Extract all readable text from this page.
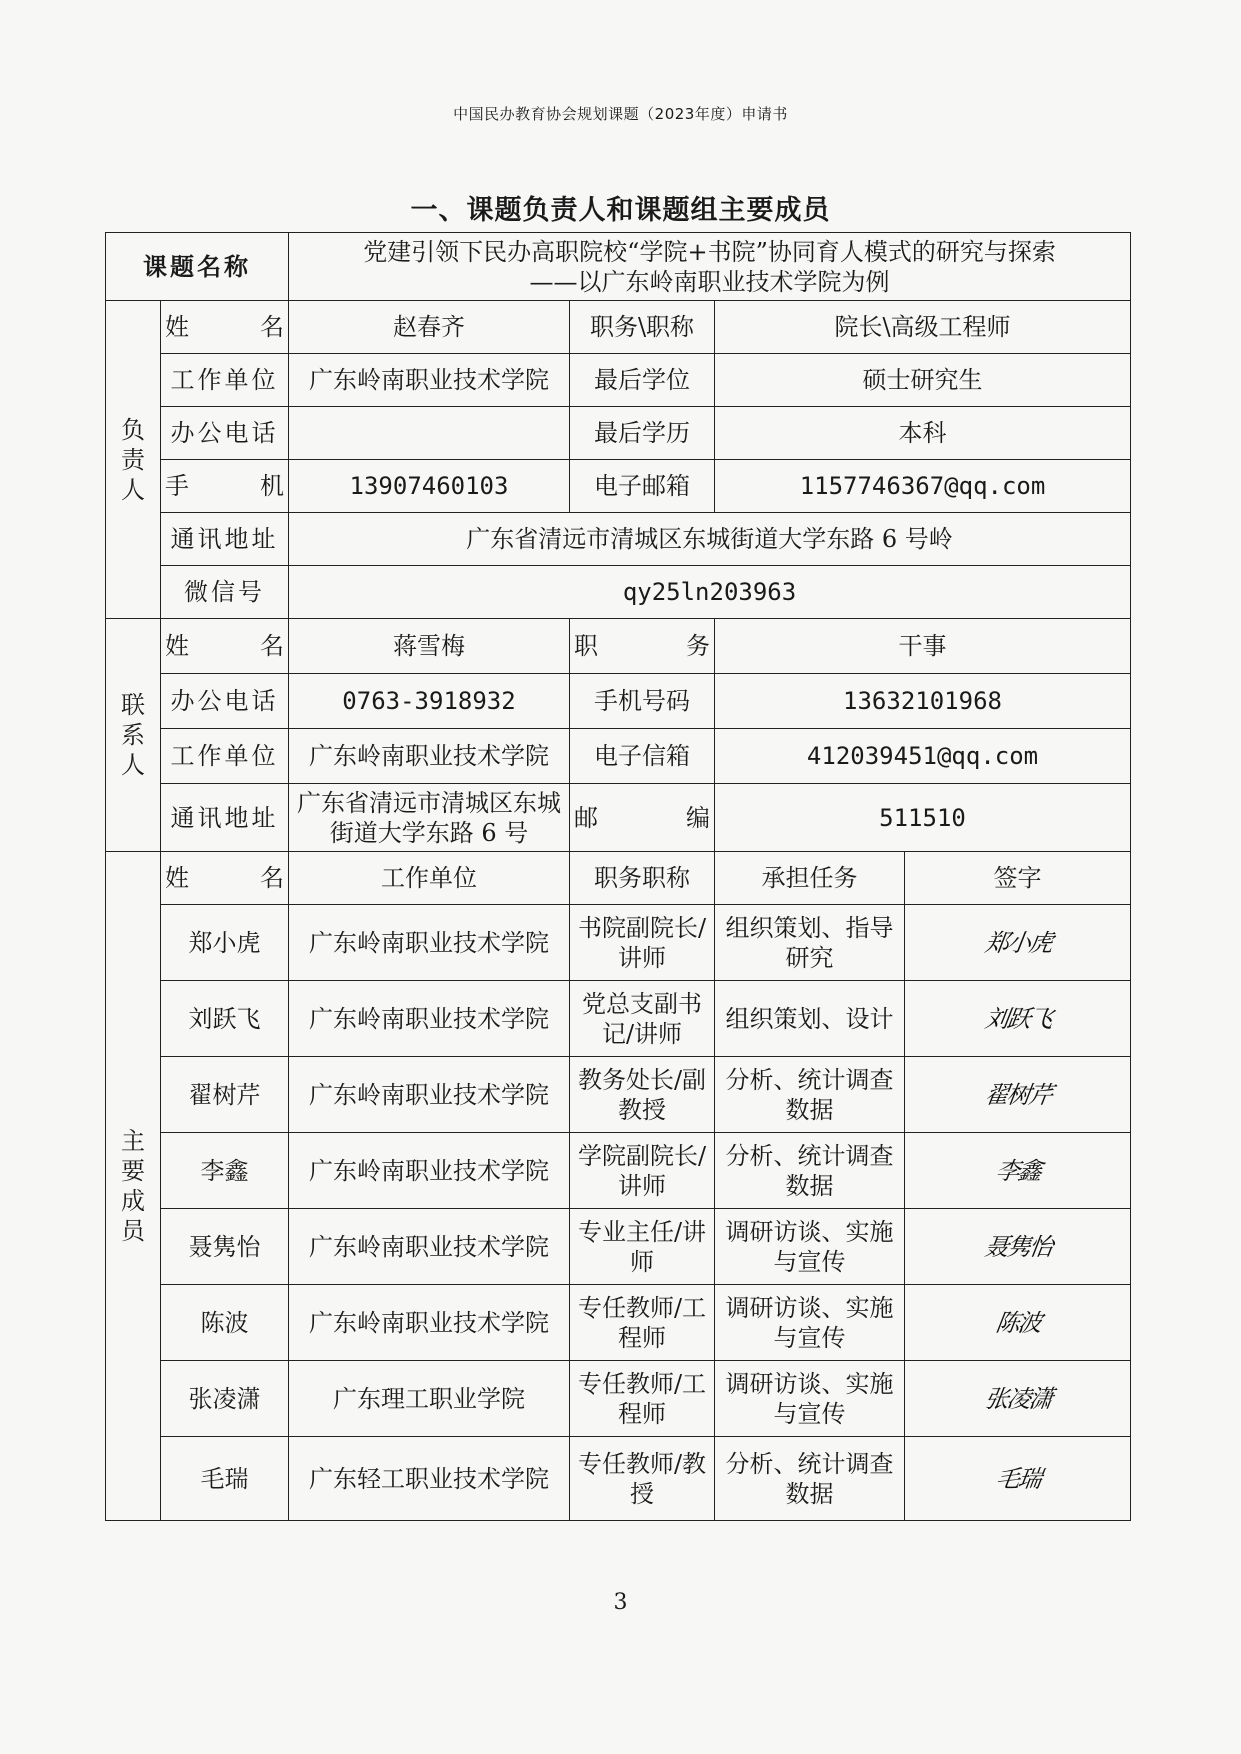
中国民办教育协会规划课题（2023年度）申请书
一、课题负责人和课题组主要成员
课题名称		党建引领下民办高职院校“学院+书院”协同育人模式的研究与探索
——以广东岭南职业技术学院为例			

负
责
人	姓名	赵春齐	职务\职称	院长\高级工程师	
	工作单位	广东岭南职业技术学院	最后学位	硕士研究生	
	办公电话		最后学历	本科	
	手机	13907460103	电子邮箱	1157746367@qq.com	
	通讯地址	广东省清远市清城区东城街道大学东路 6 号岭			
	微信号	qy25ln203963			

联
系
人	姓名	蒋雪梅	职务	干事	
	办公电话	0763-3918932	手机号码	13632101968	
	工作单位	广东岭南职业技术学院	电子信箱	412039451@qq.com	
	通讯地址	广东省清远市清城区东城街道大学东路 6 号	邮编	511510	

主
要
成
员	姓名	工作单位	职务职称	承担任务	签字
	郑小虎	广东岭南职业技术学院	书院副院长/讲师	组织策划、指导研究	郑小虎
	刘跃飞	广东岭南职业技术学院	党总支副书记/讲师	组织策划、设计	刘跃飞
	翟树芹	广东岭南职业技术学院	教务处长/副教授	分析、统计调查数据	翟树芹
	李鑫	广东岭南职业技术学院	学院副院长/讲师	分析、统计调查数据	李鑫
	聂隽怡	广东岭南职业技术学院	专业主任/讲师	调研访谈、实施与宣传	聂隽怡
	陈波	广东岭南职业技术学院	专任教师/工程师	调研访谈、实施与宣传	陈波
	张凌潇	广东理工职业学院	专任教师/工程师	调研访谈、实施与宣传	张凌潇
	毛瑞	广东轻工职业技术学院	专任教师/教授	分析、统计调查数据	毛瑞
3
